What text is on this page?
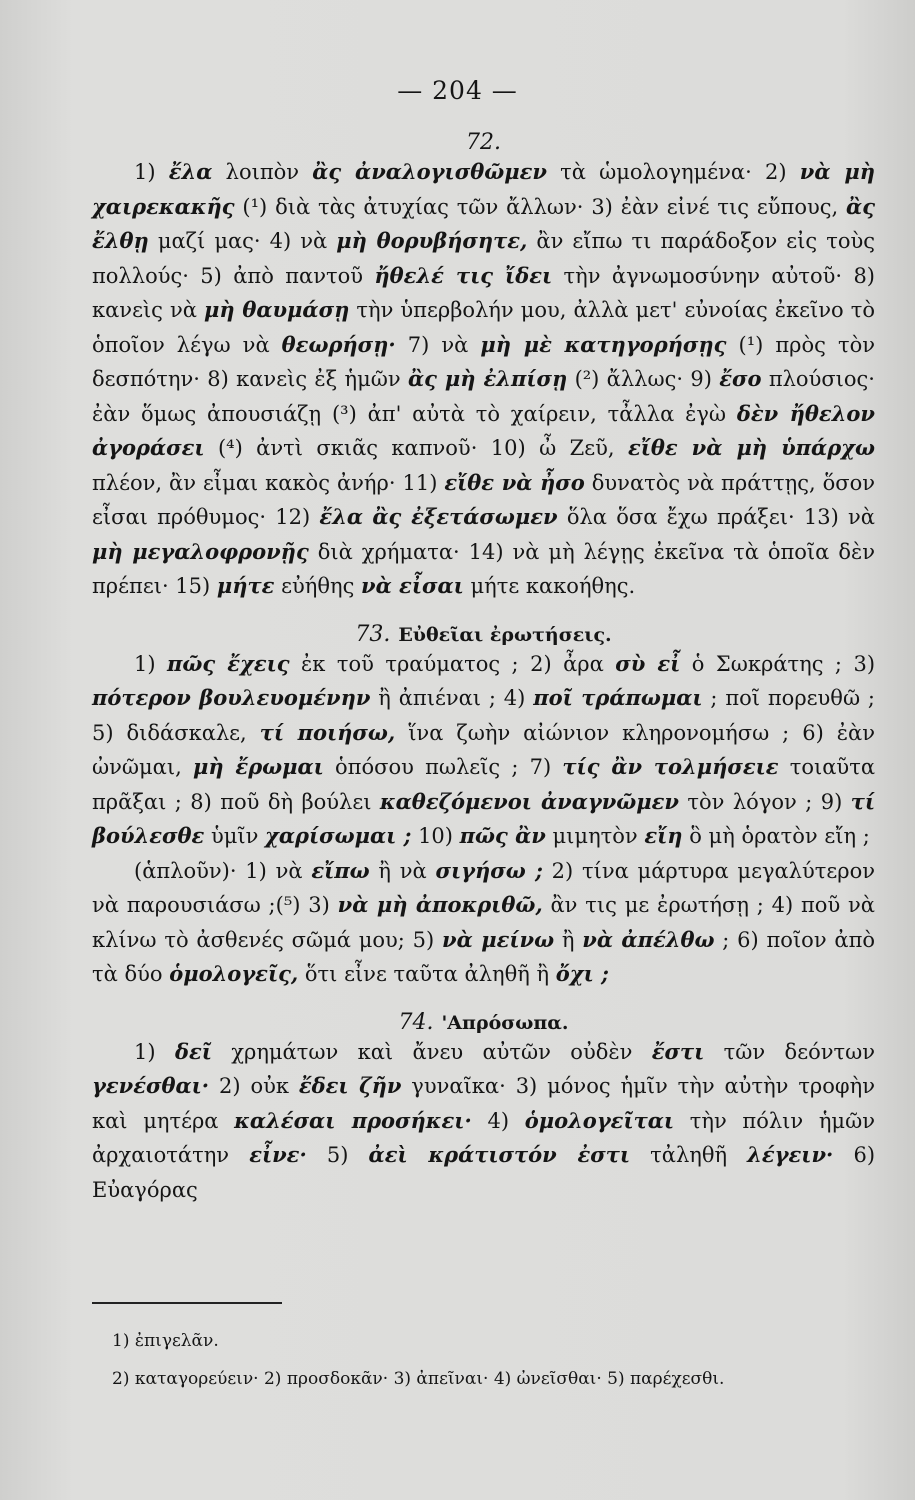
— 204 —

72.

1) ἔλα λοιπὸν ἂς ἀναλογισθῶμεν τὰ ὡμολογημένα· 2) νὰ μὴ χαιρεκακῆς (¹) διὰ τὰς ἀτυχίας τῶν ἄλλων· 3) ἐὰν εἰνέ τις εὔπους, ἂς ἔλθῃ μαζί μας· 4) νὰ μὴ θορυβήσητε, ἂν εἴπω τι παράδοξον εἰς τοὺς πολλούς· 5) ἀπὸ παντοῦ ἤθελέ τις ἴδει τὴν ἀγνωμοσύνην αὐτοῦ· 8) κανεὶς νὰ μὴ θαυμάσῃ τὴν ὑπερβολήν μου, ἀλλὰ μετ' εὐνοίας ἐκεῖνο τὸ ὁποῖον λέγω νὰ θεωρήσῃ· 7) νὰ μὴ μὲ κατηγορήσῃς (¹) πρὸς τὸν δεσπότην· 8) κανεὶς ἐξ ἡμῶν ἂς μὴ ἐλπίσῃ (²) ἄλλως· 9) ἔσο πλούσιος· ἐὰν ὅμως ἀπουσιάζῃ (³) ἀπ' αὐτὰ τὸ χαίρειν, τἆλλα ἐγὼ δὲν ἤθελον ἀγοράσει (⁴) ἀντὶ σκιᾶς καπνοῦ· 10) ὦ Ζεῦ, εἴθε νὰ μὴ ὑπάρχω πλέον, ἂν εἶμαι κακὸς ἀνήρ· 11) εἴθε νὰ ἦσο δυνατὸς νὰ πράττῃς, ὅσον εἶσαι πρόθυμος· 12) ἔλα ἂς ἐξετάσωμεν ὅλα ὅσα ἔχω πράξει· 13) νὰ μὴ μεγαλοφρονῇς διὰ χρήματα· 14) νὰ μὴ λέγῃς ἐκεῖνα τὰ ὁποῖα δὲν πρέπει· 15) μήτε εὐήθης νὰ εἶσαι μήτε κακοήθης.

73. Εὐθεῖαι ἐρωτήσεις.

1) πῶς ἔχεις ἐκ τοῦ τραύματος ; 2) ἆρα σὺ εἶ ὁ Σωκράτης ; 3) πότερον βουλευομένην ἢ ἀπιέναι ; 4) ποῖ τράπωμαι ; ποῖ πορευθῶ ; 5) διδάσκαλε, τί ποιήσω, ἵνα ζωὴν αἰώνιον κληρονομήσω ; 6) ἐὰν ὠνῶμαι, μὴ ἔρωμαι ὁπόσου πωλεῖς ; 7) τίς ἂν τολμήσειε τοιαῦτα πρᾶξαι ; 8) ποῦ δὴ βούλει καθεζόμενοι ἀναγνῶμεν τὸν λόγον ; 9) τί βούλεσθε ὑμῖν χαρίσωμαι ; 10) πῶς ἂν μιμητὸν εἴη ὃ μὴ ὁρατὸν εἴη ;

(ἁπλοῦν)· 1) νὰ εἴπω ἢ νὰ σιγήσω ; 2) τίνα μάρτυρα μεγαλύτερον νὰ παρουσιάσω ;(⁵) 3) νὰ μὴ ἀποκριθῶ, ἂν τις με ἐρωτήσῃ ; 4) ποῦ νὰ κλίνω τὸ ἀσθενές σῶμά μου; 5) νὰ μείνω ἢ νὰ ἀπέλθω ; 6) ποῖον ἀπὸ τὰ δύο ὁμολογεῖς, ὅτι εἶνε ταῦτα ἀληθῆ ἢ ὄχι ;

74. 'Απρόσωπα.

1) δεῖ χρημάτων καὶ ἄνευ αὐτῶν οὐδὲν ἔστι τῶν δεόντων γενέσθαι· 2) οὐκ ἔδει ζῆν γυναῖκα· 3) μόνος ἡμῖν τὴν αὐτὴν τροφὴν καὶ μητέρα καλέσαι προσήκει· 4) ὁμολογεῖται τὴν πόλιν ἡμῶν ἀρχαιοτάτην εἶνε· 5) ἀεὶ κράτιστόν ἐστι τἀληθῆ λέγειν· 6) Εὐαγόρας

1) ἐπιγελᾶν.

2) καταγορεύειν· 2) προσδοκᾶν· 3) ἀπεῖναι· 4) ὠνεῖσθαι· 5) παρέχεσθι.
